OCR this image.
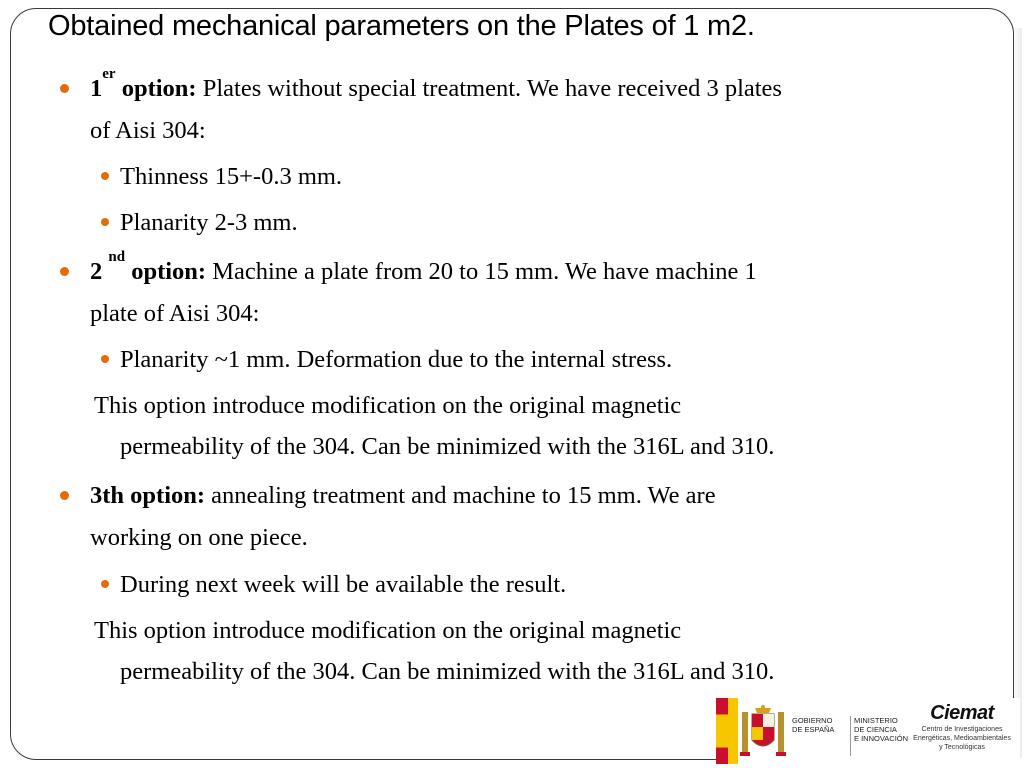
Obtained mechanical parameters on the Plates of 1 m2.
1er option: Plates without special treatment. We have received 3 plates
of Aisi 304:
Thinness 15+-0.3 mm.
Planarity 2-3 mm.
2 $^{nd}$ option: Machine a plate from 20 to 15 mm. We have machine 1
plate of Aisi 304:
Planarity ~1 mm. Deformation due to the internal stress.
This option introduce modification on the original magnetic
permeability of the 304. Can be minimized with the 316L and 310.
3th option: annealing treatment and machine to 15 mm. We are
working on one piece.
During next week will be available the result.
This option introduce modification on the original magnetic
permeability of the 304. Can be minimized with the 316L and 310.
GOBIERNO
DE ESPAÑA
MINISTERIO
DE CIENCIA
E INNOVACIÓN
Ciemat
Centro de Investigaciones
Energéticas, Medioambientales
y Tecnológicas
